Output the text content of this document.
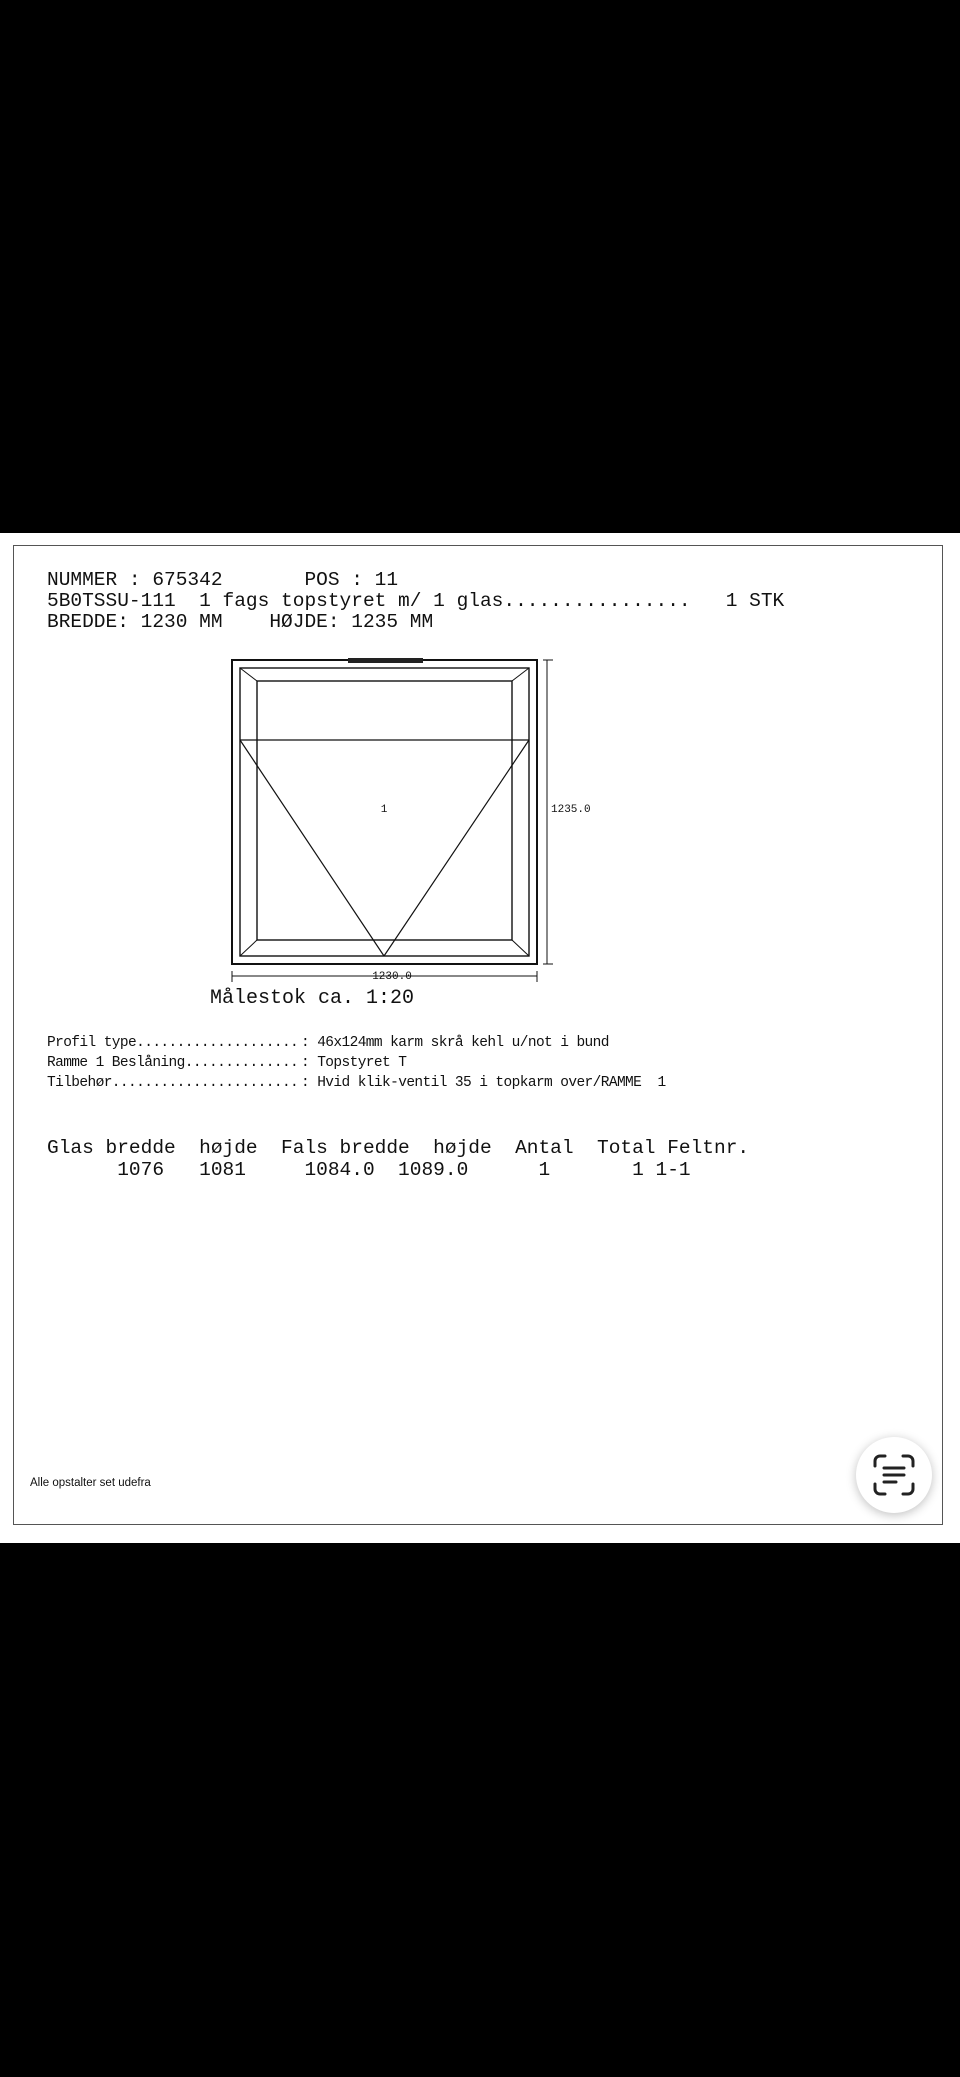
NUMMER : 675342       POS : 11
5B0TSSU-111  1 fags topstyret m/ 1 glas................   1 STK
BREDDE: 1230 MM    HØJDE: 1235 MM
1	1235.0
1230.0
Målestok ca. 1:20
Profil type.................... : 46x124mm karm skrå kehl u/not i bund
Ramme 1 Beslåning.............. : Topstyret T
Tilbehør....................... : Hvid klik-ventil 35 i topkarm over/RAMME  1
Glas bredde  højde  Fals bredde  højde  Antal  Total Feltnr.
1076   1081     1084.0  1089.0      1       1 1-1
Alle opstalter set udefra
